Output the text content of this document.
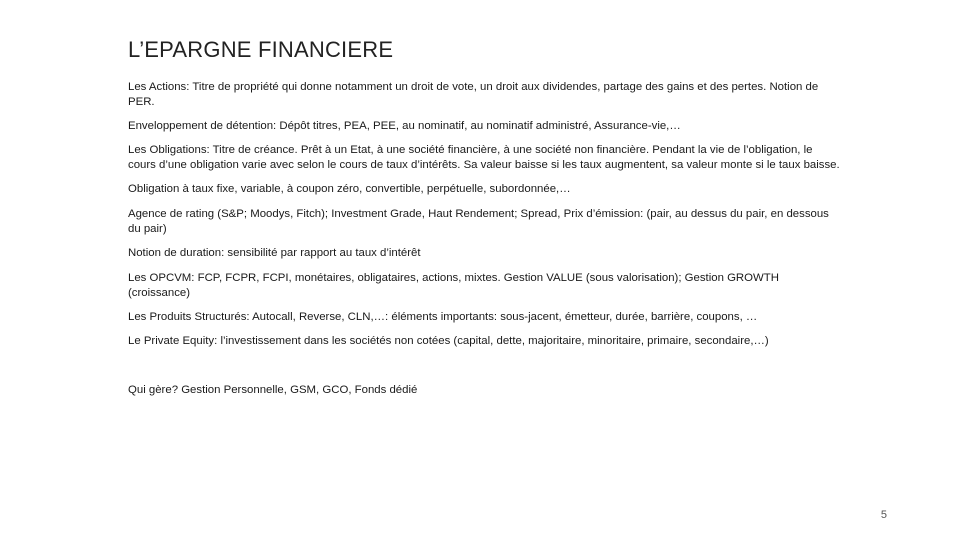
L’EPARGNE FINANCIERE

Les Actions: Titre de propriété qui donne notamment un droit de vote, un droit aux dividendes, partage des gains et des pertes. Notion de PER.

Enveloppement de détention: Dépôt titres, PEA, PEE, au nominatif, au nominatif administré, Assurance-vie,…

Les Obligations: Titre de créance. Prêt à un Etat, à une société financière, à une société non financière. Pendant la vie de l’obligation, le cours d’une obligation varie avec selon le cours de taux d’intérêts. Sa valeur baisse si les taux augmentent, sa valeur monte si le taux baisse.

Obligation à taux fixe, variable, à coupon zéro, convertible, perpétuelle, subordonnée,…

Agence de rating (S&P; Moodys, Fitch); Investment Grade, Haut Rendement; Spread, Prix d’émission: (pair, au dessus du pair, en dessous du pair)

Notion de duration: sensibilité par rapport au taux d’intérêt

Les OPCVM: FCP, FCPR, FCPI, monétaires, obligataires, actions, mixtes. Gestion VALUE (sous valorisation); Gestion GROWTH (croissance)

Les Produits Structurés: Autocall, Reverse, CLN,…: éléments importants: sous-jacent, émetteur, durée, barrière, coupons, …

Le Private Equity: l’investissement dans les sociétés non cotées (capital, dette, majoritaire, minoritaire, primaire, secondaire,…)

Qui gère? Gestion Personnelle, GSM, GCO, Fonds dédié

5
